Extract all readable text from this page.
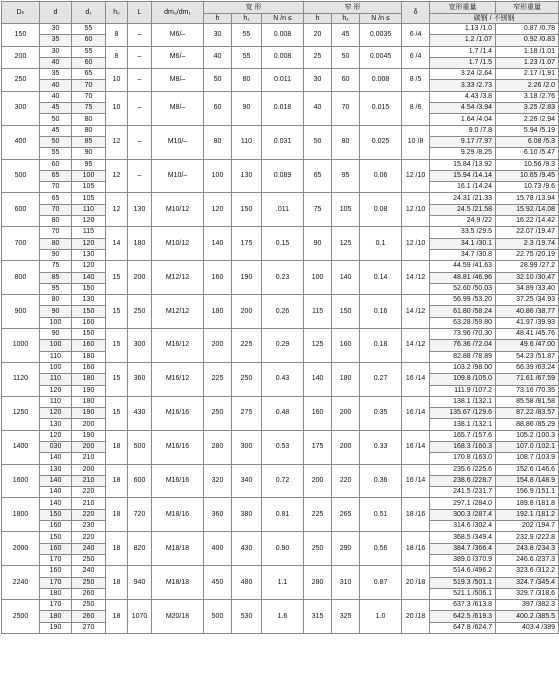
Dₙ	d	d₁	h₂	L	dm₀/dm₁	宽 形			窄 形			δ	宽形重量	窄形重量
						h	h₁	N /n ≤	h	h₁	N /n ≤		碳钢 / 不锈钢	

150	30	55	8	–	M6/–	30	55	0.008	20	45	0.0035	6 /4	1.13 /1.0	0.87 /0.78
	35	60											1.2 /1.07	0.92 /0.83
200	30	55	8	–	M6/–	40	55	0.008	25	50	0.0045	6 /4	1.7 /1.4	1.18 /1.01
	40	60											1.7 /1.5	1.23 /1.07
250	35	65	10	–	M8/–	50	80	0.011	30	60	0.008	8 /5	3.24 /2.64	2.17 /1.91
	40	70											3.33 /2.73	2.26 /2.0
300	40	70	10	–	M8/–	60	90	0.018	40	70	0.015	8 /6	4.43 /3.8	3.18 /2.76
	45	75											4.54 /3.94	3.25 /2.83
	50	80											1.64 /4.04	2.26 /2.94
400	45	80	12	–	M10/–	80	110	0.031	50	80	0.025	10 /8	9.0 /7.8	5.94 /5.19
	50	85											9.17 /7.97	6.08 /5.3
	55	90											9.29 /8.25	6.10 /5.47
500	60	95	12	–	M10/–	100	130	0.089	65	95	0.06	12 /10	15.84 /13.92	10.56 /9.3
	65	100											15.94 /14.14	10.65 /9.45
	70	105											16.1 /14.24	10.73 /9.6
600	65	105	12	130	M10/12	120	150	.011	75	105	0.08	12 /10	24.31 /21.33	15.78 /13.94
	70	110											24.5 /21.58	15.92 /14.08
	80	120											24.9 /22	16.22 /14.42
700	70	115	14	180	M10/12	140	175	0.15	90	125	0.1	12 /10	33.5 /29.5	22.07 /19.47
	80	120											34.1 /30.1	2.3 /19.74
	90	130											34.7 /30.8	22.75 /20.19
800	75	120	15	200	M12/12	160	190	0.23	100	140	0.14	14 /12	44.59 /41.63	28.99 /27.2
	85	140											48.81 /46.96	32.10 /30.47
	95	150											52.60 /50.03	34.89 /33.40
900	80	130	15	250	M12/12	180	200	0.26	115	150	0.16	14 /12	56.99 /53.20	37.25 /34.93
	90	150											61.80 /58.24	40.86 /38.77
	100	160											63.28 /59.80	41.97 /39.93
1000	90	150	15	300	M16/12	200	225	0.29	125	160	0.18	14 /12	73.96 /70.30	48.41 /45.76
	100	160											76.36 /72.04	49.6 /47.00
	110	180											82.88 /78.89	54.23 /51.87
1120	100	160	15	360	M16/12	225	250	0.43	140	180	0.27	16 /14	103.2 /98.00	66.39 /63.24
	110	180											109.8 /105.0	71.61 /67.59
	120	190											111.9 /107.2	73.16 /70.35
1250	110	180	15	430	M16/16	250	275	0.48	160	200	0.35	16 /14	138.1 /132.1	85.58 /81.58
	120	190											135.67 /129.6	87.22 /83.57
	130	200											138.1 /132.1	88.86 /85.29
1400	120	190	18	500	M16/16	280	300	0.53	175	200	0.33	16 /14	165.7 /157.6	105.2 /100.3
	030	200											168.3 /160.3	107.0 /102.1
	140	210											170.8 /163.0	108.7 /103.9
1600	130	200	18	600	M16/16	320	340	0.72	200	220	0.36	16 /14	235.6 /225.6	152.6 /146.6
	140	210											238.6 /228.7	154.8 /148.9
	140	220											241.5 /231.7	156.9 /151.1
1800	140	210	18	720	M18/16	360	380	0.81	225	265	0.51	18 /16	297.1 /284.0	189.8 /181.8
	150	220											300.3 /287.4	192.1 /181.2
	160	230											314.6 /302.4	202 /194.7
2000	150	220	18	820	M18/18	400	430	0.90	250	290	0.56	18 /16	368.5 /349.4	232.9 /222.8
	160	240											384.7 /366.4	243.8 /234.3
	170	250											389.0 /370.9	246.6 /237.3
2240	160	240	18	940	M18/18	450	480	1.1	280	310	0.87	20 /18	514.6 /496.2	323.6 /312.2
	170	250											519.3 /501.1	324.7 /345.4
	180	260											521.1 /506.1	329.7 /318.6
2500	170	250	18	1070	M20/18	500	530	1.6	315	325	1.0	20 /18	637.3 /613.8	397 /382.3
	180	260											642.5 /619.3	400.2 /385.5
	190	270											647.8 /624.7	403.4 /389
